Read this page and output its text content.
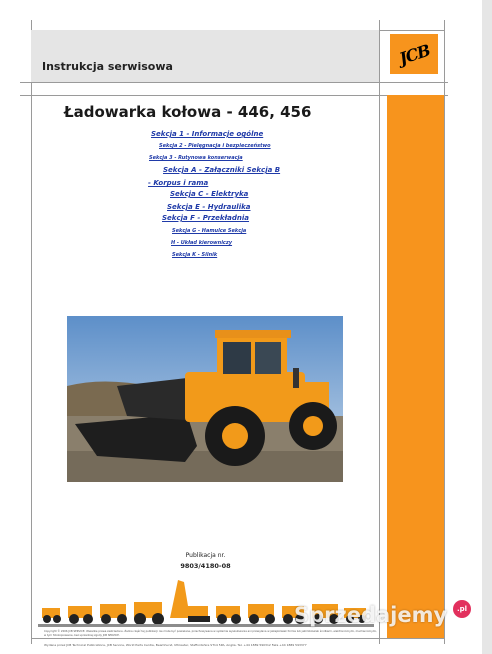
Instrukcja serwisowa	JCB
Ładowarka kołowa - 446, 456
Sekcja 1 - Informacje ogólne
Sekcja 2 - Pielęgnacja i bezpieczeństwo
Sekcja 3 - Rutynowa konserwacja
Sekcja A - Załączniki Sekcja B
- Korpus i rama
Sekcja C - Elektryka
Sekcja E - Hydraulika
Sekcja F - Przekładnia
Sekcja G - Hamulce Sekcja
H - Układ kierowniczy
Sekcja K - Silnik
Publikacja nr.
9803/4180-08
Copyright © 2006 JCB SERVICE. Wszelkie prawa zastrzeżone. Żadna część tej publikacji nie może być powielana, przechowywana w systemie wyszukiwania ani przesyłana w jakiejkolwiek formie lub jakimikolwiek środkami, elektronicznymi, mechanicznymi, w tym fotokopiowanie, bez uprzedniej zgody JCB SERVICE.
Wydane przez JCB Technical Publications, JCB Service, World Parts Centre, Beamhurst, Uttoxeter, Staffordshire ST14 5PA, Anglia. Tel. +44 1889 590312 Faks +44 1889 593377
Sprzedajemy	.pl
